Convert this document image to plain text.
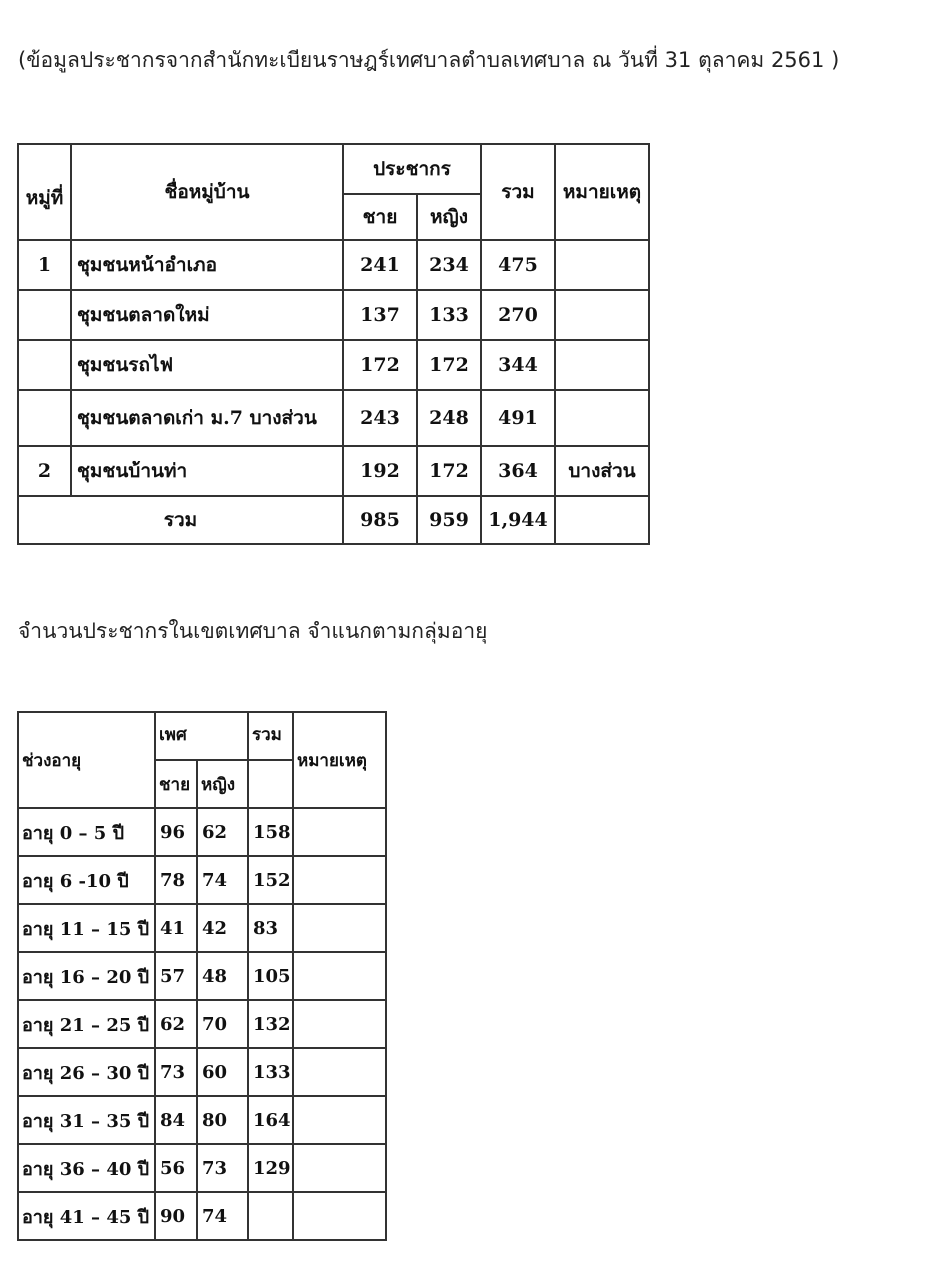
(ข้อมูลประชากรจากสำนักทะเบียนราษฎร์เทศบาลตำบลเทศบาล ณ วันที่ 31 ตุลาคม 2561 )
หมู่ที่	ชื่อหมู่บ้าน	ประชากร		รวม	หมายเหตุ
		ชาย	หญิง		
1	ชุมชนหน้าอำเภอ	241	234	475	
	ชุมชนตลาดใหม่	137	133	270	
	ชุมชนรถไฟ	172	172	344	
	ชุมชนตลาดเก่า ม.7 บางส่วน	243	248	491	
2	ชุมชนบ้านท่า	192	172	364	บางส่วน
รวม		985	959	1,944	
จำนวนประชากรในเขตเทศบาล จำแนกตามกลุ่มอายุ
ช่วงอายุ	เพศ		รวม	หมายเหตุ
	ชาย	หญิง		
อายุ 0 – 5 ปี	96	62	158	
อายุ 6 -10 ปี	78	74	152	
อายุ 11 – 15 ปี	41	42	83	
อายุ 16 – 20 ปี	57	48	105	
อายุ 21 – 25 ปี	62	70	132	
อายุ 26 – 30 ปี	73	60	133	
อายุ 31 – 35 ปี	84	80	164	
อายุ 36 – 40 ปี	56	73	129	
อายุ 41 – 45 ปี	90	74		
